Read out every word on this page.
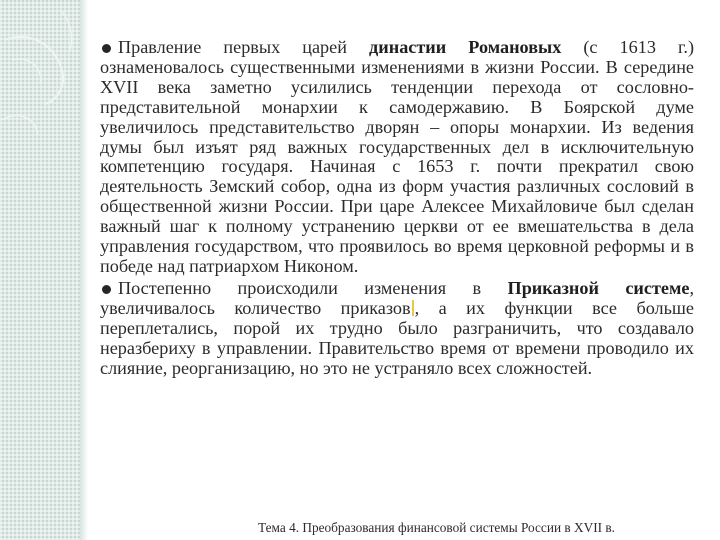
Правление первых царей династии Романовых (с 1613 г.) ознаменовалось существенными изменениями в жизни России. В середине XVII века заметно усилились тенденции перехода от сословно-представительной монархии к самодержавию. В Боярской думе увеличилось представительство дворян – опоры монархии. Из ведения думы был изъят ряд важных государственных дел в исключительную компетенцию государя. Начиная с 1653 г. почти прекратил свою деятельность Земский собор, одна из форм участия различных сословий в общественной жизни России. При царе Алексее Михайловиче был сделан важный шаг к полному устранению церкви от ее вмешательства в дела управления государством, что проявилось во время церковной реформы и в победе над патриархом Никоном.
Постепенно происходили изменения в Приказной системе, увеличивалось количество приказов , а их функции все больше переплетались, порой их трудно было разграничить, что создавало неразбериху в управлении. Правительство время от времени проводило их слияние, реорганизацию, но это не устраняло всех сложностей.
Тема 4. Преобразования финансовой системы России в XVII в.
